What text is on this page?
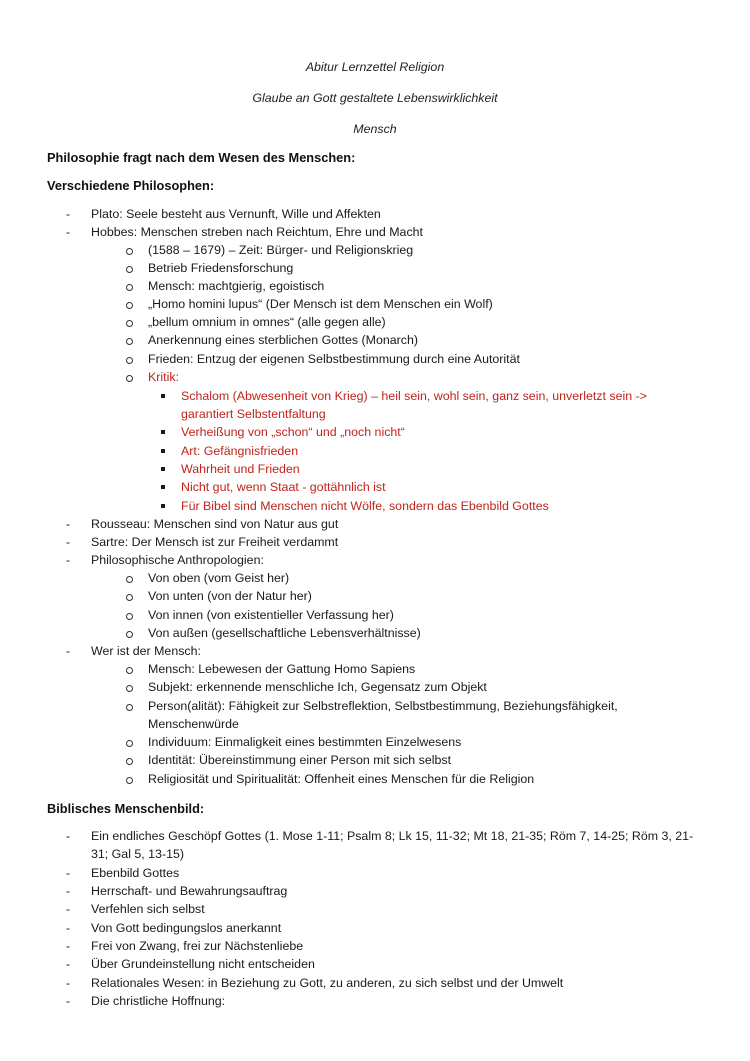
Abitur Lernzettel Religion
Glaube an Gott gestaltete Lebenswirklichkeit
Mensch
Philosophie fragt nach dem Wesen des Menschen:
Verschiedene Philosophen:
- Plato: Seele besteht aus Vernunft, Wille und Affekten
- Hobbes: Menschen streben nach Reichtum, Ehre und Macht
(1588 – 1679) – Zeit: Bürger- und Religionskrieg
Betrieb Friedensforschung
Mensch: machtgierig, egoistisch
„Homo homini lupus“ (Der Mensch ist dem Menschen ein Wolf)
„bellum omnium in omnes“ (alle gegen alle)
Anerkennung eines sterblichen Gottes (Monarch)
Frieden: Entzug der eigenen Selbstbestimmung durch eine Autorität
Kritik:
Schalom (Abwesenheit von Krieg) – heil sein, wohl sein, ganz sein, unverletzt sein ->
garantiert Selbstentfaltung
Verheißung von „schon“ und „noch nicht“
Art: Gefängnisfrieden
Wahrheit und Frieden
Nicht gut, wenn Staat - gottähnlich ist
Für Bibel sind Menschen nicht Wölfe, sondern das Ebenbild Gottes
- Rousseau: Menschen sind von Natur aus gut
- Sartre: Der Mensch ist zur Freiheit verdammt
- Philosophische Anthropologien:
Von oben (vom Geist her)
Von unten (von der Natur her)
Von innen (von existentieller Verfassung her)
Von außen (gesellschaftliche Lebensverhältnisse)
- Wer ist der Mensch:
Mensch: Lebewesen der Gattung Homo Sapiens
Subjekt: erkennende menschliche Ich, Gegensatz zum Objekt
Person(alität): Fähigkeit zur Selbstreflektion, Selbstbestimmung, Beziehungsfähigkeit,
Menschenwürde
Individuum: Einmaligkeit eines bestimmten Einzelwesens
Identität: Übereinstimmung einer Person mit sich selbst
Religiosität und Spiritualität: Offenheit eines Menschen für die Religion
Biblisches Menschenbild:
- Ein endliches Geschöpf Gottes (1. Mose 1-11; Psalm 8; Lk 15, 11-32; Mt 18, 21-35; Röm 7, 14-25; Röm 3, 21-
31; Gal 5, 13-15)
- Ebenbild Gottes
- Herrschaft- und Bewahrungsauftrag
- Verfehlen sich selbst
- Von Gott bedingungslos anerkannt
- Frei von Zwang, frei zur Nächstenliebe
- Über Grundeinstellung nicht entscheiden
- Relationales Wesen: in Beziehung zu Gott, zu anderen, zu sich selbst und der Umwelt
- Die christliche Hoffnung:
